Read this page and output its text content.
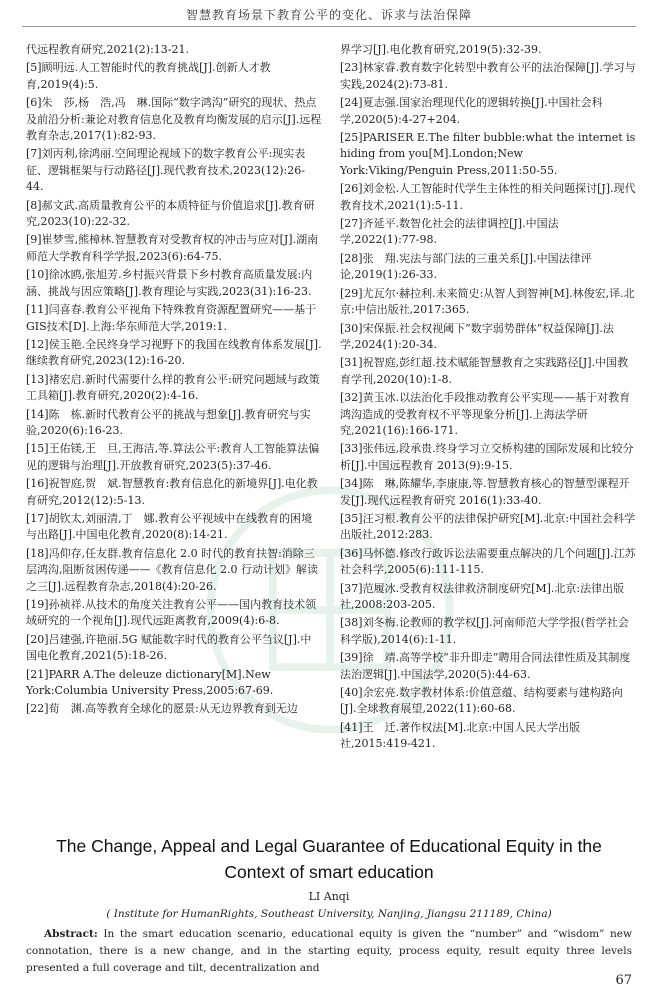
智慧教育场景下教育公平的变化、诉求与法治保障
代远程教育研究,2021(2):13-21.
[5]顾明远.人工智能时代的教育挑战[J].创新人才教育,2019(4):5.
[6]朱　莎,杨　浩,冯　琳.国际“数字鸿沟”研究的现状、热点及前沿分析:兼论对教育信息化及教育均衡发展的启示[J].远程教育杂志,2017(1):82-93.
[7]刘丙利,徐鸿丽.空间理论视域下的数字教育公平:现实表征、逻辑框架与行动路径[J].现代教育技术,2023(12):26-44.
[8]郝文武.高质量教育公平的本质特征与价值追求[J].教育研究,2023(10):22-32.
[9]崔梦雪,熊樟林.智慧教育对受教育权的冲击与应对[J].湖南师范大学教育科学学报,2023(6):64-75.
[10]徐冰鸥,张旭芳.乡村振兴背景下乡村教育高质量发展:内涵、挑战与因应策略[J].教育理论与实践,2023(31):16-23.
[11]闫喜春.教育公平视角下特殊教育资源配置研究——基于GIS技术[D].上海:华东师范大学,2019:1.
[12]侯玉艳.全民终身学习视野下的我国在线教育体系发展[J].继续教育研究,2023(12):16-20.
[13]褚宏启.新时代需要什么样的教育公平:研究问题域与政策工具箱[J].教育研究,2020(2):4-16.
[14]陈　栋.新时代教育公平的挑战与想象[J].教育研究与实验,2020(6):16-23.
[15]王佑镁,王　旦,王海洁,等.算法公平:教育人工智能算法偏见的逻辑与治理[J].开放教育研究,2023(5):37-46.
[16]祝智庭,贺　斌.智慧教育:教育信息化的新境界[J].电化教育研究,2012(12):5-13.
[17]胡钦太,刘丽清,丁　娜.教育公平视域中在线教育的困境与出路[J].中国电化教育,2020(8):14-21.
[18]冯仰存,任友群.教育信息化 2.0 时代的教育扶智:消除三层鸿沟,阻断贫困传递——《教育信息化 2.0 行动计划》解读之三[J].远程教育杂志,2018(4):20-26.
[19]孙祯祥.从技术的角度关注教育公平——国内教育技术领域研究的一个视角[J].现代远距离教育,2009(4):6-8.
[20]吕建强,许艳丽.5G 赋能数字时代的教育公平刍议[J].中国电化教育,2021(5):18-26.
[21]PARR A.The deleuze dictionary[M].New York:Columbia University Press,2005:67-69.
[22]荀　渊.高等教育全球化的愿景:从无边界教育到无边
界学习[J].电化教育研究,2019(5):32-39.
[23]林家睿.教育数字化转型中教育公平的法治保障[J].学习与实践,2024(2):73-81.
[24]夏志强.国家治理现代化的逻辑转换[J].中国社会科学,2020(5):4-27+204.
[25]PARISER E.The filter bubble:what the internet is hiding from you[M].London;New York:Viking/Penguin Press,2011:50-55.
[26]刘金松.人工智能时代学生主体性的相关问题探讨[J].现代教育技术,2021(1):5-11.
[27]齐延平.数智化社会的法律调控[J].中国法学,2022(1):77-98.
[28]张　翔.宪法与部门法的三重关系[J].中国法律评论,2019(1):26-33.
[29]尤瓦尔·赫拉利.未来简史:从智人到智神[M].林俊宏,译.北京:中信出版社,2017:365.
[30]宋保振.社会权视阈下“数字弱势群体”权益保障[J].法学,2024(1):20-34.
[31]祝智庭,彭红超.技术赋能智慧教育之实践路径[J].中国教育学刊,2020(10):1-8.
[32]黄玉冰.以法治化手段推动教育公平实现——基于对教育鸿沟造成的受教育权不平等现象分析[J].上海法学研究,2021(16):166-171.
[33]张伟远,段承贵.终身学习立交桥构建的国际发展和比较分析[J].中国远程教育 2013(9):9-15.
[34]陈　琳,陈耀华,李康康,等.智慧教育核心的智慧型课程开发[J].现代远程教育研究 2016(1):33-40.
[35]汪习根.教育公平的法律保护研究[M].北京:中国社会科学出版社,2012:283.
[36]马怀德.修改行政诉讼法需要重点解决的几个问题[J].江苏社会科学,2005(6):111-115.
[37]范履冰.受教育权法律救济制度研究[M].北京:法律出版社,2008:203-205.
[38]刘冬梅.论教师的教学权[J].河南师范大学学报(哲学社会科学版),2014(6):1-11.
[39]徐　靖.高等学校“非升即走”聘用合同法律性质及其制度法治逻辑[J].中国法学,2020(5):44-63.
[40]余宏亮.数字教材体系:价值意蕴、结构要素与建构路向[J].全球教育展望,2022(11):60-68.
[41]王　迁.著作权法[M].北京:中国人民大学出版社,2015:419-421.
The Change, Appeal and Legal Guarantee of Educational Equity in the
Context of smart education
LI Anqi
( Institute for HumanRights, Southeast University, Nanjing, Jiangsu 211189, China)
Abstract: In the smart education scenario, educational equity is given the “number” and “wisdom” new connotation, there is a new change, and in the starting equity, process equity, result equity three levels presented a full coverage and tilt, decentralization and
67
